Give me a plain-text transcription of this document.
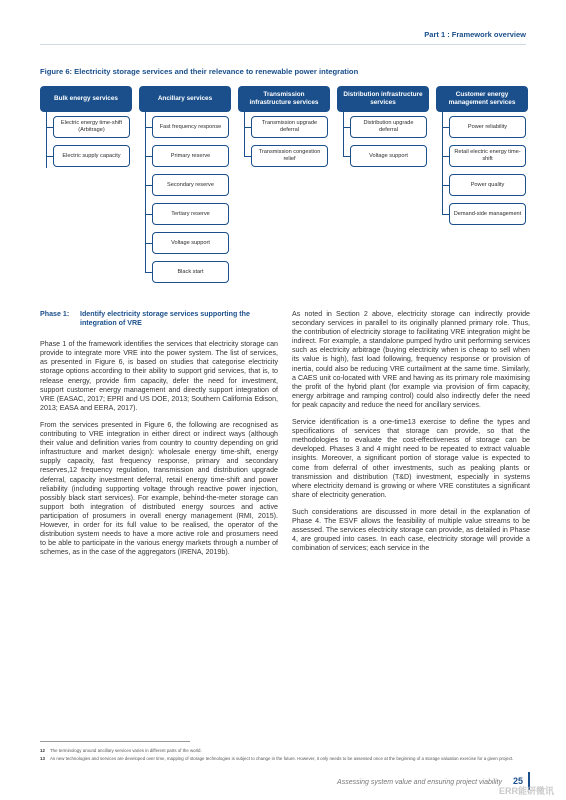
Part 1 : Framework overview
Figure 6: Electricity storage services and their relevance to renewable power integration
Bulk energy services
Electric energy time-shift (Arbitrage)
Electric supply capacity
Ancillary services
Fast frequency response
Primary reserve
Secondary reserve
Tertiary reserve
Voltage support
Black start
Transmission infrastructure services
Transmission upgrade deferral
Transmission congestion relief
Distribution infrastructure services
Distribution upgrade deferral
Voltage support
Customer energy management services
Power reliability
Retail electric energy time-shift
Power quality
Demand-side management

Phase 1:	Identify electricity storage services supporting the integration of VRE

Phase 1 of the framework identifies the services that electricity storage can provide to integrate more VRE into the power system. The list of services, as presented in Figure 6, is based on studies that categorise electricity storage options according to their ability to support grid services, that is, to release energy, provide firm capacity, defer the need for investment, support customer energy management and directly support integration of VRE (EASAC, 2017; EPRI and US DOE, 2013; Southern California Edison, 2013; EASA and EERA, 2017).

From the services presented in Figure 6, the following are recognised as contributing to VRE integration in either direct or indirect ways (although their value and definition varies from country to country depending on grid infrastructure and market design): wholesale energy time-shift, energy supply capacity, fast frequency response, primary and secondary reserves,12 frequency regulation, transmission and distribution upgrade deferral, capacity investment deferral, retail energy time-shift and power reliability (including supporting voltage through reactive power injection, possibly black start services). For example, behind-the-meter storage can support both integration of distributed energy sources and active participation of prosumers in overall energy management (RMI, 2015). However, in order for its full value to be realised, the operator of the distribution system needs to have a more active role and prosumers need to be able to participate in the various energy markets through a number of schemes, as in the case of the aggregators (IRENA, 2019b).

As noted in Section 2 above, electricity storage can indirectly provide secondary services in parallel to its originally planned primary role. Thus, the contribution of electricity storage to facilitating VRE integration might be indirect. For example, a standalone pumped hydro unit performing services such as electricity arbitrage (buying electricity when is cheap to sell when its value is high), fast load following, frequency response or provision of inertia, could also be reducing VRE curtailment at the same time. Similarly, a CAES unit co-located with VRE and having as its primary role maximising the profit of the hybrid plant (for example via provision of firm capacity, energy arbitrage and ramping control) could also indirectly defer the need for peak capacity and reduce the need for ancillary services.

Service identification is a one-time13 exercise to define the types and specifications of services that storage can provide, so that the methodologies to evaluate the cost-effectiveness of storage can be developed. Phases 3 and 4 might need to be repeated to extract valuable insights. Moreover, a significant portion of storage value is expected to come from deferral of other investments, such as peaking plants or transmission and distribution (T&D) investment, especially in systems where electricity demand is growing or where VRE constitutes a significant share of electricity generation.

Such considerations are discussed in more detail in the explanation of Phase 4. The ESVF allows the feasibility of multiple value streams to be assessed. The services electricity storage can provide, as detailed in Phase 4, are grouped into cases. In each case, electricity storage will provide a combination of services; each service in the

12	The terminology around ancillary services varies in different parts of the world.
13	As new technologies and services are developed over time, mapping of storage technologies is subject to change in the future. However, it only needs to be assessed once at the beginning of a storage valuation exercise for a given project.
Assessing system value and ensuring project viability 25
ERR能研微讯
